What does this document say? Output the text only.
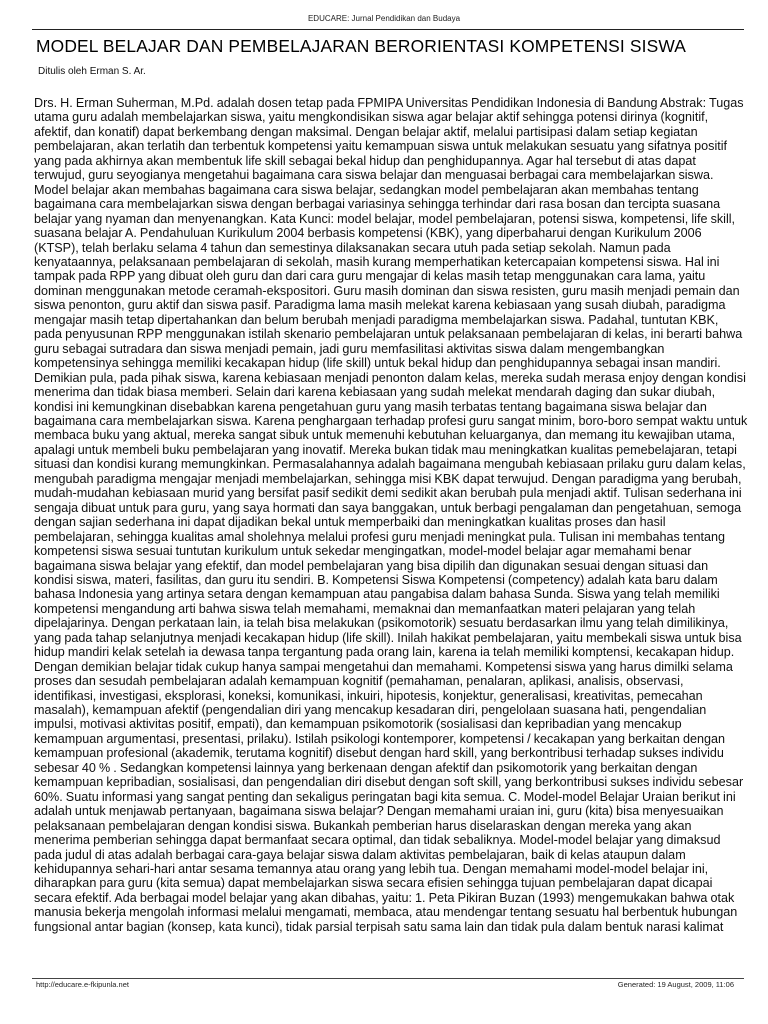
EDUCARE: Jurnal Pendidikan dan Budaya
MODEL BELAJAR DAN PEMBELAJARAN BERORIENTASI KOMPETENSI SISWA
Ditulis oleh Erman S. Ar.

Drs. H. Erman Suherman, M.Pd. adalah dosen tetap pada FPMIPA Universitas Pendidikan Indonesia di Bandung Abstrak: Tugas utama guru adalah membelajarkan siswa, yaitu mengkondisikan siswa agar belajar aktif sehingga potensi dirinya (kognitif, afektif, dan konatif) dapat berkembang dengan maksimal. Dengan belajar aktif, melalui partisipasi dalam setiap kegiatan pembelajaran, akan terlatih dan terbentuk kompetensi yaitu kemampuan siswa untuk melakukan sesuatu yang sifatnya positif yang pada akhirnya akan membentuk life skill sebagai bekal hidup dan penghidupannya. Agar hal tersebut di atas dapat terwujud, guru seyogianya mengetahui bagaimana cara siswa belajar dan menguasai berbagai cara membelajarkan siswa. Model belajar akan membahas bagaimana cara siswa belajar, sedangkan model pembelajaran akan membahas tentang bagaimana cara membelajarkan siswa dengan berbagai variasinya sehingga terhindar dari rasa bosan dan tercipta suasana belajar yang nyaman dan menyenangkan. Kata Kunci: model belajar, model pembelajaran, potensi siswa, kompetensi, life skill, suasana belajar A. Pendahuluan Kurikulum 2004 berbasis kompetensi (KBK), yang diperbaharui dengan Kurikulum 2006 (KTSP), telah berlaku selama 4 tahun dan semestinya dilaksanakan secara utuh pada setiap sekolah. Namun pada kenyataannya, pelaksanaan pembelajaran di sekolah, masih kurang memperhatikan ketercapaian kompetensi siswa. Hal ini tampak pada RPP yang dibuat oleh guru dan dari cara guru mengajar di kelas masih tetap menggunakan cara lama, yaitu dominan menggunakan metode ceramah-ekspositori. Guru masih dominan dan siswa resisten, guru masih menjadi pemain dan siswa penonton, guru aktif dan siswa pasif. Paradigma lama masih melekat karena kebiasaan yang susah diubah, paradigma mengajar masih tetap dipertahankan dan belum berubah menjadi paradigma membelajarkan siswa. Padahal, tuntutan KBK, pada penyusunan RPP menggunakan istilah skenario pembelajaran untuk pelaksanaan pembelajaran di kelas, ini berarti bahwa guru sebagai sutradara dan siswa menjadi pemain, jadi guru memfasilitasi aktivitas siswa dalam mengembangkan kompetensinya sehingga memiliki kecakapan hidup (life skill) untuk bekal hidup dan penghidupannya sebagai insan mandiri. Demikian pula, pada pihak siswa, karena kebiasaan menjadi penonton dalam kelas, mereka sudah merasa enjoy dengan kondisi menerima dan tidak biasa memberi. Selain dari karena kebiasaan yang sudah melekat mendarah daging dan sukar diubah, kondisi ini kemungkinan disebabkan karena pengetahuan guru yang masih terbatas tentang bagaimana siswa belajar dan bagaimana cara membelajarkan siswa. Karena penghargaan terhadap profesi guru sangat minim, boro-boro sempat waktu untuk membaca buku yang aktual, mereka sangat sibuk untuk memenuhi kebutuhan keluarganya, dan memang itu kewajiban utama, apalagi untuk membeli buku pembelajaran yang inovatif. Mereka bukan tidak mau meningkatkan kualitas pemebelajaran, tetapi situasi dan kondisi kurang memungkinkan. Permasalahannya adalah bagaimana mengubah kebiasaan prilaku guru dalam kelas, mengubah paradigma mengajar menjadi membelajarkan, sehingga misi KBK dapat terwujud. Dengan paradigma yang berubah, mudah-mudahan kebiasaan murid yang bersifat pasif sedikit demi sedikit akan berubah pula menjadi aktif. Tulisan sederhana ini sengaja dibuat untuk para guru, yang saya hormati dan saya banggakan, untuk berbagi pengalaman dan pengetahuan, semoga dengan sajian sederhana ini dapat dijadikan bekal untuk memperbaiki dan meningkatkan kualitas proses dan hasil pembelajaran, sehingga kualitas amal sholehnya melalui profesi guru menjadi meningkat pula. Tulisan ini membahas tentang kompetensi siswa sesuai tuntutan kurikulum untuk sekedar mengingatkan, model-model belajar agar memahami benar bagaimana siswa belajar yang efektif, dan model pembelajaran yang bisa dipilih dan digunakan sesuai dengan situasi dan kondisi siswa, materi, fasilitas, dan guru itu sendiri. B. Kompetensi Siswa Kompetensi (competency) adalah kata baru dalam bahasa Indonesia yang artinya setara dengan kemampuan atau pangabisa dalam bahasa Sunda. Siswa yang telah memiliki kompetensi mengandung arti bahwa siswa telah memahami, memaknai dan memanfaatkan materi pelajaran yang telah dipelajarinya. Dengan perkataan lain, ia telah bisa melakukan (psikomotorik) sesuatu berdasarkan ilmu yang telah dimilikinya, yang pada tahap selanjutnya menjadi kecakapan hidup (life skill). Inilah hakikat pembelajaran, yaitu membekali siswa untuk bisa hidup mandiri kelak setelah ia dewasa tanpa tergantung pada orang lain, karena ia telah memiliki komptensi, kecakapan hidup. Dengan demikian belajar tidak cukup hanya sampai mengetahui dan memahami. Kompetensi siswa yang harus dimilki selama proses dan sesudah pembelajaran adalah kemampuan kognitif (pemahaman, penalaran, aplikasi, analisis, observasi, identifikasi, investigasi, eksplorasi, koneksi, komunikasi, inkuiri, hipotesis, konjektur, generalisasi, kreativitas, pemecahan masalah), kemampuan afektif (pengendalian diri yang mencakup kesadaran diri, pengelolaan suasana hati, pengendalian impulsi, motivasi aktivitas positif, empati), dan kemampuan psikomotorik (sosialisasi dan kepribadian yang mencakup kemampuan argumentasi, presentasi, prilaku). Istilah psikologi kontemporer, kompetensi / kecakapan yang berkaitan dengan kemampuan profesional (akademik, terutama kognitif) disebut dengan hard skill, yang berkontribusi terhadap sukses individu sebesar 40 % . Sedangkan kompetensi lainnya yang berkenaan dengan afektif dan psikomotorik yang berkaitan dengan kemampuan kepribadian, sosialisasi, dan pengendalian diri disebut dengan soft skill, yang berkontribusi sukses individu sebesar 60%. Suatu informasi yang sangat penting dan sekaligus peringatan bagi kita semua. C. Model-model Belajar Uraian berikut ini adalah untuk menjawab pertanyaan, bagaimana siswa belajar? Dengan memahami uraian ini, guru (kita) bisa menyesuaikan pelaksanaan pembelajaran dengan kondisi siswa. Bukankah pemberian harus diselaraskan dengan mereka yang akan menerima pemberian sehingga dapat bermanfaat secara optimal, dan tidak sebaliknya. Model-model belajar yang dimaksud pada judul di atas adalah berbagai cara-gaya belajar siswa dalam aktivitas pembelajaran, baik di kelas ataupun dalam kehidupannya sehari-hari antar sesama temannya atau orang yang lebih tua. Dengan memahami model-model belajar ini, diharapkan para guru (kita semua) dapat membelajarkan siswa secara efisien sehingga tujuan pembelajaran dapat dicapai secara efektif. Ada berbagai model belajar yang akan dibahas, yaitu: 1. Peta Pikiran Buzan (1993) mengemukakan bahwa otak manusia bekerja mengolah informasi melalui mengamati, membaca, atau mendengar tentang sesuatu hal berbentuk hubungan fungsional antar bagian (konsep, kata kunci), tidak parsial terpisah satu sama lain dan tidak pula dalam bentuk narasi kalimat

http://educare.e-fkipunla.net	Generated: 19 August, 2009, 11:06
